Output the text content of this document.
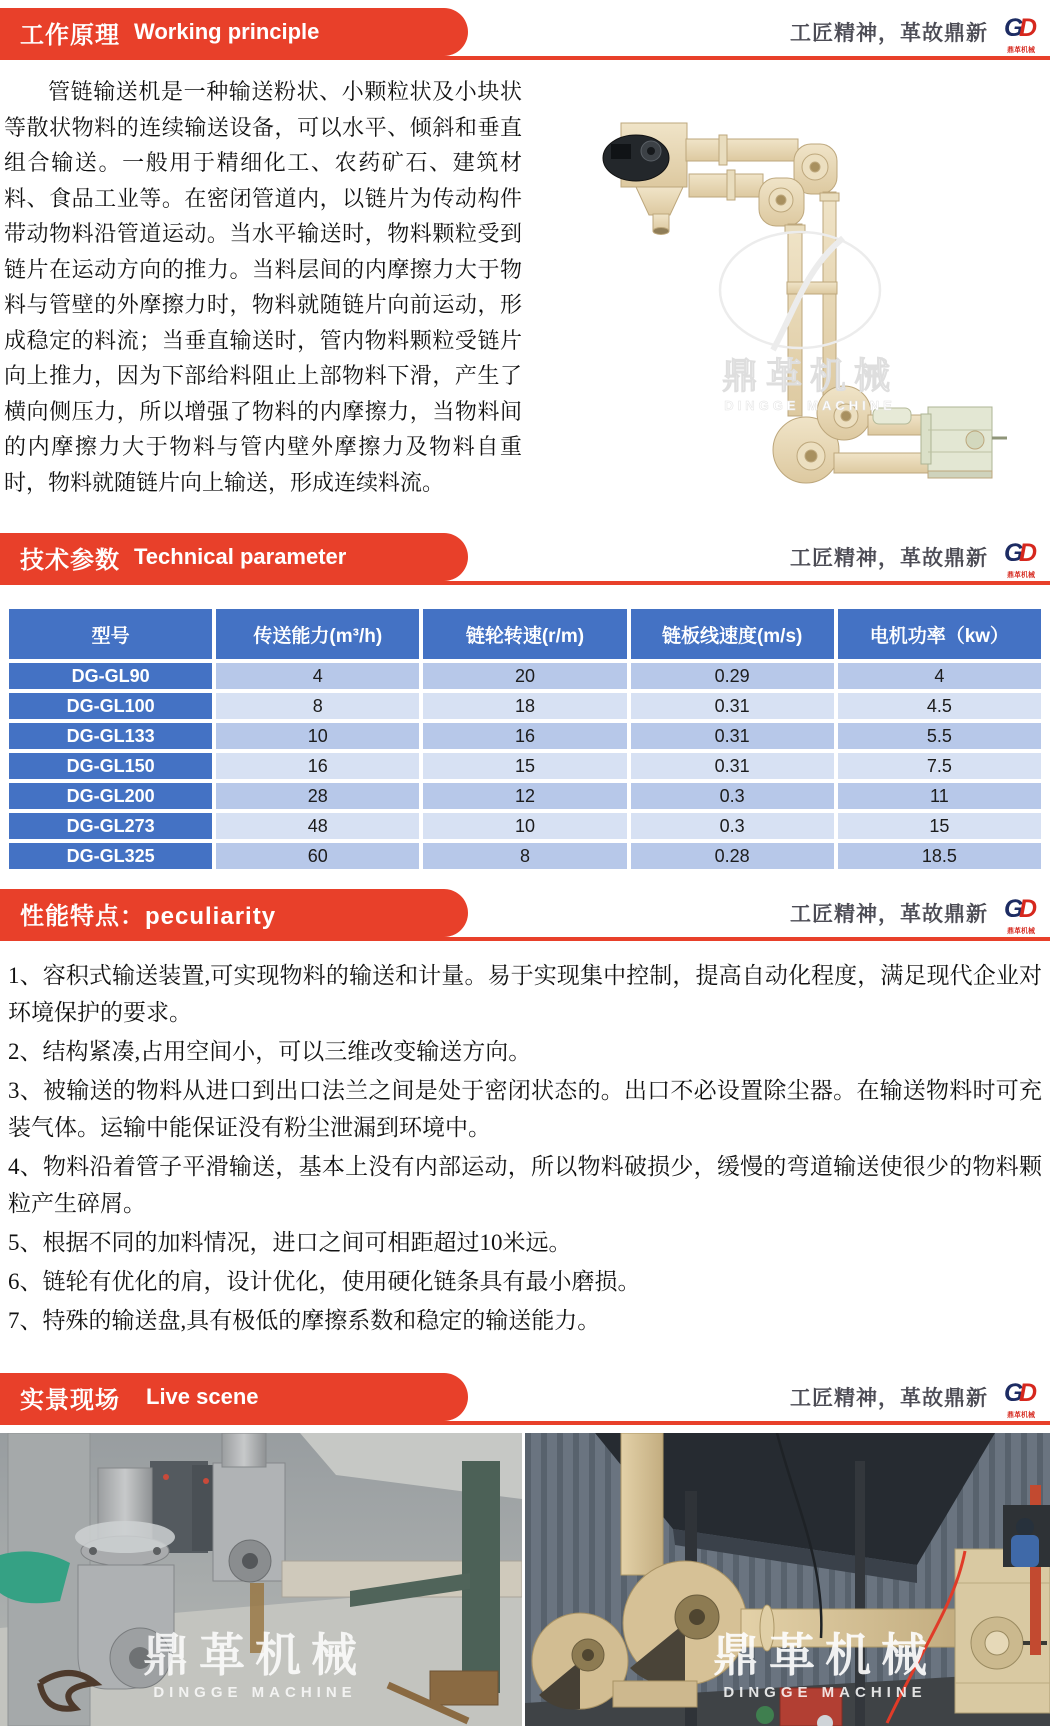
工作原理 Working principle	工匠精神，革故鼎新 G
D
鼎革机械
管链输送机是一种输送粉状、小颗粒状及小块状等散状物料的连续输送设备，可以水平、倾斜和垂直组合输送。一般用于精细化工、农药矿石、建筑材料、食品工业等。在密闭管道内，以链片为传动构件带动物料沿管道运动。当水平输送时，物料颗粒受到链片在运动方向的推力。当料层间的内摩擦力大于物料与管壁的外摩擦力时，物料就随链片向前运动，形成稳定的料流；当垂直输送时，管内物料颗粒受链片向上推力，因为下部给料阻止上部物料下滑，产生了横向侧压力，所以增强了物料的内摩擦力，当物料间的内摩擦力大于物料与管内壁外摩擦力及物料自重时，物料就随链片向上输送，形成连续料流。
鼎革机械
DINGGE MACHINE
技术参数 Technical parameter	工匠精神，革故鼎新 G
D
鼎革机械
型号	传送能力(m³/h)	链轮转速(r/m)	链板线速度(m/s)	电机功率（kw）
DG-GL90	4	20	0.29	4
DG-GL100	8	18	0.31	4.5
DG-GL133	10	16	0.31	5.5
DG-GL150	16	15	0.31	7.5
DG-GL200	28	12	0.3	11
DG-GL273	48	10	0.3	15
DG-GL325	60	8	0.28	18.5
性能特点：peculiarity	工匠精神，革故鼎新 G
D
鼎革机械

1、容积式输送装置,可实现物料的输送和计量。易于实现集中控制，提高自动化程度，满足现代企业对环境保护的要求。

2、结构紧凑,占用空间小，可以三维改变输送方向。

3、被输送的物料从进口到出口法兰之间是处于密闭状态的。出口不必设置除尘器。在输送物料时可充装气体。运输中能保证没有粉尘泄漏到环境中。

4、物料沿着管子平滑输送，基本上没有内部运动，所以物料破损少，缓慢的弯道输送使很少的物料颗粒产生碎屑。

5、根据不同的加料情况，进口之间可相距超过10米远。

6、链轮有优化的肩，设计优化，使用硬化链条具有最小磨损。

7、特殊的输送盘,具有极低的摩擦系数和稳定的输送能力。

实景现场 Live scene	工匠精神，革故鼎新 G
D
鼎革机械
鼎革机械
DINGGE MACHINE
鼎革机械
DINGGE MACHINE
